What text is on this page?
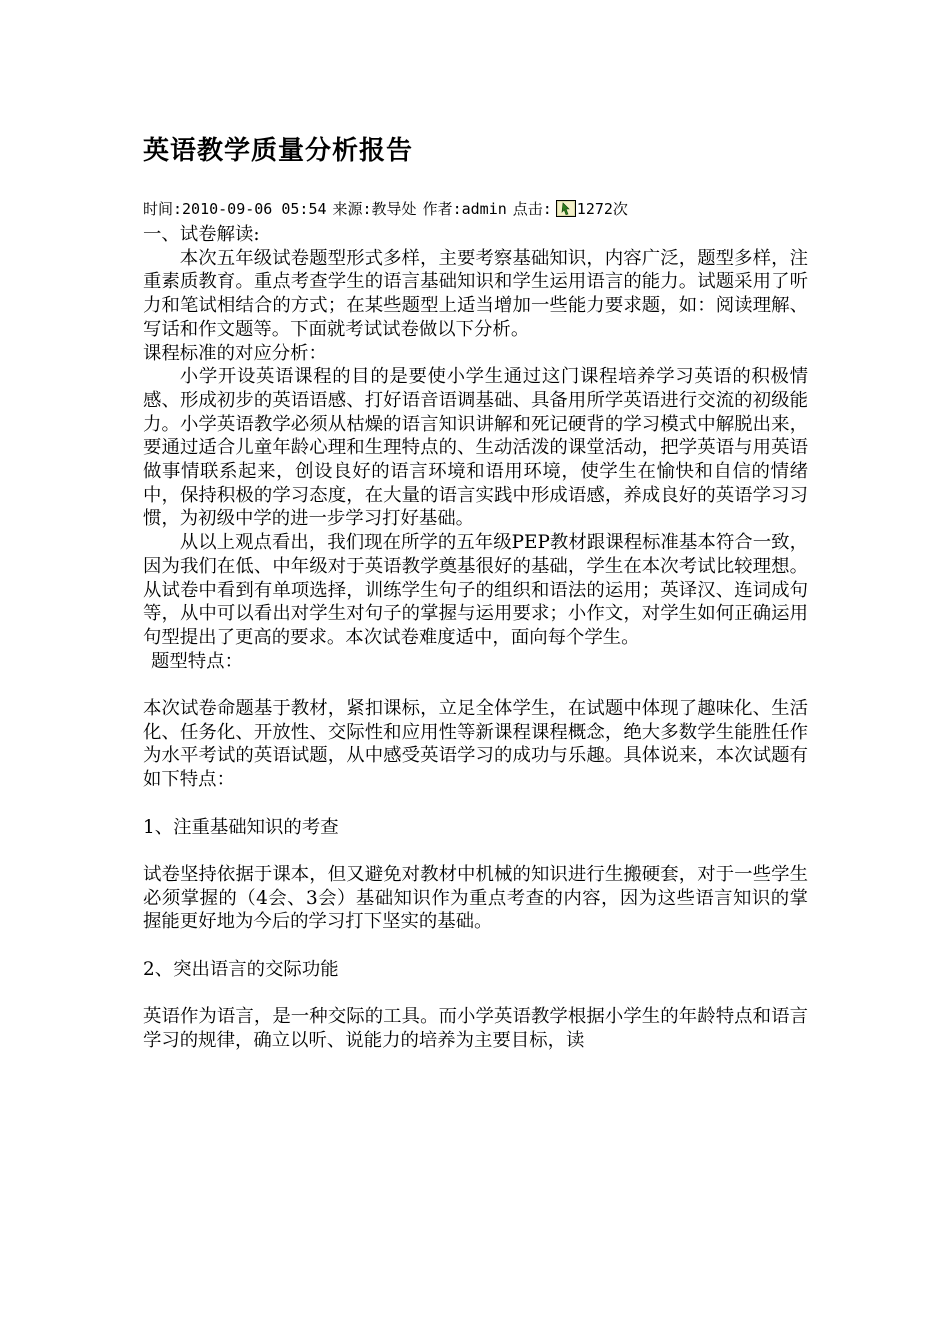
英语教学质量分析报告
时间:2010-09-06 05:54 来源:教导处 作者:admin 点击: 1272 次

一、试卷解读:

本次五年级试卷题型形式多样，主要考察基础知识，内容广泛，题型多样，注重素质教育。重点考查学生的语言基础知识和学生运用语言的能力。试题采用了听力和笔试相结合的方式；在某些题型上适当增加一些能力要求题，如：阅读理解、写话和作文题等。下面就考试试卷做以下分析。

课程标准的对应分析：

小学开设英语课程的目的是要使小学生通过这门课程培养学习英语的积极情感、形成初步的英语语感、打好语音语调基础、具备用所学英语进行交流的初级能力。小学英语教学必须从枯燥的语言知识讲解和死记硬背的学习模式中解脱出来，要通过适合儿童年龄心理和生理特点的、生动活泼的课堂活动，把学英语与用英语做事情联系起来，创设良好的语言环境和语用环境，使学生在愉快和自信的情绪中，保持积极的学习态度，在大量的语言实践中形成语感，养成良好的英语学习习惯，为初级中学的进一步学习打好基础。

从以上观点看出，我们现在所学的五年级PEP教材跟课程标准基本符合一致，因为我们在低、中年级对于英语教学奠基很好的基础，学生在本次考试比较理想。从试卷中看到有单项选择，训练学生句子的组织和语法的运用；英译汉、连词成句等，从中可以看出对学生对句子的掌握与运用要求；小作文，对学生如何正确运用句型提出了更高的要求。本次试卷难度适中，面向每个学生。

题型特点：

本次试卷命题基于教材，紧扣课标，立足全体学生，在试题中体现了趣味化、生活化、任务化、开放性、交际性和应用性等新课程课程概念，绝大多数学生能胜任作为水平考试的英语试题，从中感受英语学习的成功与乐趣。具体说来，本次试题有如下特点：

1、注重基础知识的考查

试卷坚持依据于课本，但又避免对教材中机械的知识进行生搬硬套，对于一些学生必须掌握的（4会、3会）基础知识作为重点考查的内容，因为这些语言知识的掌握能更好地为今后的学习打下坚实的基础。

2、突出语言的交际功能

英语作为语言，是一种交际的工具。而小学英语教学根据小学生的年龄特点和语言学习的规律，确立以听、说能力的培养为主要目标，读
